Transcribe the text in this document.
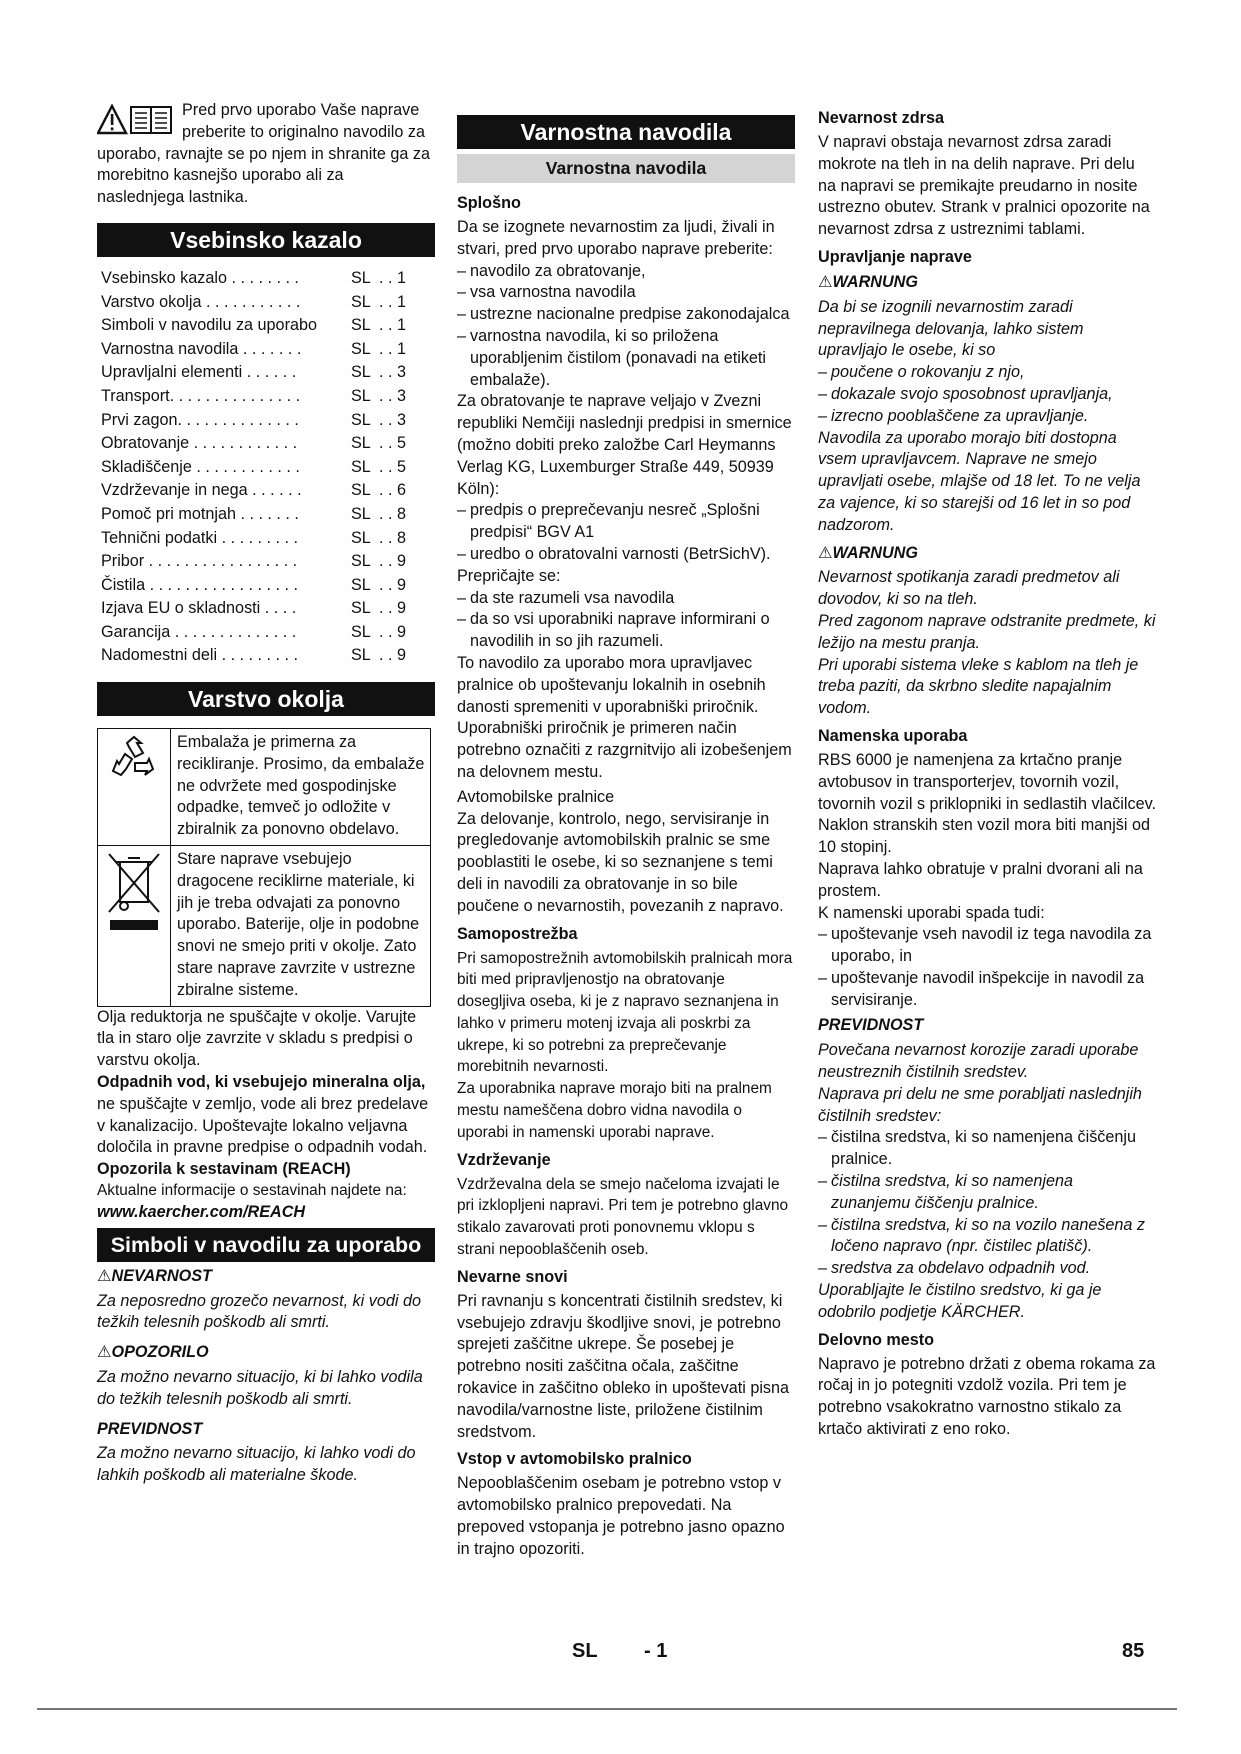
Pred prvo uporabo Vaše naprave preberite to originalno navodilo za uporabo, ravnajte se po njem in shranite ga za morebitno kasnejšo uporabo ali za naslednjega lastnika.

Vsebinsko kazalo
Vsebinsko kazalo . . . . . . . .	SL . . 1
Varstvo okolja . . . . . . . . . . .	SL . . 1
Simboli v navodilu za uporabo	SL . . 1
Varnostna navodila . . . . . . .	SL . . 1
Upravljalni elementi . . . . . .	SL . . 3
Transport. . . . . . . . . . . . . . .	SL . . 3
Prvi zagon. . . . . . . . . . . . . .	SL . . 3
Obratovanje . . . . . . . . . . . .	SL . . 5
Skladiščenje . . . . . . . . . . . .	SL . . 5
Vzdrževanje in nega . . . . . .	SL . . 6
Pomoč pri motnjah . . . . . . .	SL . . 8
Tehnični podatki . . . . . . . . .	SL . . 8
Pribor . . . . . . . . . . . . . . . . .	SL . . 9
Čistila . . . . . . . . . . . . . . . . .	SL . . 9
Izjava EU o skladnosti . . . .	SL . . 9
Garancija . . . . . . . . . . . . . .	SL . . 9
Nadomestni deli . . . . . . . . .	SL . . 9
Varstvo okolja

Embalaža je primerna za recikliranje. Prosimo, da embalaže ne odvržete med gospodinjske odpadke, temveč jo odložite v zbiralnik za ponovno obdelavo.

Stare naprave vsebujejo dragocene reciklirne materiale, ki jih je treba odvajati za ponovno uporabo. Baterije, olje in podobne snovi ne smejo priti v okolje. Zato stare naprave zavrzite v ustrezne zbiralne sisteme.

Olja reduktorja ne spuščajte v okolje. Varujte tla in staro olje zavrzite v skladu s predpisi o varstvu okolja.

Odpadnih vod, ki vsebujejo mineralna olja, ne spuščajte v zemljo, vode ali brez predelave v kanalizacijo. Upoštevajte lokalno veljavna določila in pravne predpise o odpadnih vodah.

Opozorila k sestavinam (REACH)

Aktualne informacije o sestavinah najdete na:

www.kaercher.com/REACH

Simboli v navodilu za uporabo
⚠NEVARNOST

Za neposredno grozečo nevarnost, ki vodi do težkih telesnih poškodb ali smrti.

⚠OPOZORILO

Za možno nevarno situacijo, ki bi lahko vodila do težkih telesnih poškodb ali smrti.

PREVIDNOST

Za možno nevarno situacijo, ki lahko vodi do lahkih poškodb ali materialne škode.

Varnostna navodila
Varnostna navodila
Splošno

Da se izognete nevarnostim za ljudi, živali in stvari, pred prvo uporabo naprave preberite:

– navodilo za obratovanje,
– vsa varnostna navodila
– ustrezne nacionalne predpise zakonodajalca
– varnostna navodila, ki so priložena uporabljenim čistilom (ponavadi na etiketi embalaže).

Za obratovanje te naprave veljajo v Zvezni republiki Nemčiji naslednji predpisi in smernice (možno dobiti preko založbe Carl Heymanns Verlag KG, Luxemburger Straße 449, 50939 Köln):

– predpis o preprečevanju nesreč „Splošni predpisi“ BGV A1
– uredbo o obratovalni varnosti (BetrSichV).

Prepričajte se:

– da ste razumeli vsa navodila
– da so vsi uporabniki naprave informirani o navodilih in so jih razumeli.

To navodilo za uporabo mora upravljavec pralnice ob upoštevanju lokalnih in osebnih danosti spremeniti v uporabniški priročnik. Uporabniški priročnik je primeren način potrebno označiti z razgrnitvijo ali izobešenjem na delovnem mestu.

Avtomobilske pralnice

Za delovanje, kontrolo, nego, servisiranje in pregledovanje avtomobilskih pralnic se sme pooblastiti le osebe, ki so seznanjene s temi deli in navodili za obratovanje in so bile poučene o nevarnostih, povezanih z napravo.

Samopostrežba

Pri samopostrežnih avtomobilskih pralnicah mora biti med pripravljenostjo na obratovanje dosegljiva oseba, ki je z napravo seznanjena in lahko v primeru motenj izvaja ali poskrbi za ukrepe, ki so potrebni za preprečevanje morebitnih nevarnosti.

Za uporabnika naprave morajo biti na pralnem mestu nameščena dobro vidna navodila o uporabi in namenski uporabi naprave.

Vzdrževanje

Vzdrževalna dela se smejo načeloma izvajati le pri izklopljeni napravi. Pri tem je potrebno glavno stikalo zavarovati proti ponovnemu vklopu s strani nepooblaščenih oseb.

Nevarne snovi

Pri ravnanju s koncentrati čistilnih sredstev, ki vsebujejo zdravju škodljive snovi, je potrebno sprejeti zaščitne ukrepe. Še posebej je potrebno nositi zaščitna očala, zaščitne rokavice in zaščitno obleko in upoštevati pisna navodila/varnostne liste, priložene čistilnim sredstvom.

Vstop v avtomobilsko pralnico

Nepooblaščenim osebam je potrebno vstop v avtomobilsko pralnico prepovedati. Na prepoved vstopanja je potrebno jasno opazno in trajno opozoriti.

Nevarnost zdrsa

V napravi obstaja nevarnost zdrsa zaradi mokrote na tleh in na delih naprave. Pri delu na napravi se premikajte preudarno in nosite ustrezno obutev. Strank v pralnici opozorite na nevarnost zdrsa z ustreznimi tablami.

Upravljanje naprave
⚠WARNUNG

Da bi se izognili nevarnostim zaradi nepravilnega delovanja, lahko sistem upravljajo le osebe, ki so

– poučene o rokovanju z njo,
– dokazale svojo sposobnost upravljanja,
– izrecno pooblaščene za upravljanje.

Navodila za uporabo morajo biti dostopna vsem upravljavcem. Naprave ne smejo upravljati osebe, mlajše od 18 let. To ne velja za vajence, ki so starejši od 16 let in so pod nadzorom.

⚠WARNUNG

Nevarnost spotikanja zaradi predmetov ali dovodov, ki so na tleh.

Pred zagonom naprave odstranite predmete, ki ležijo na mestu pranja.

Pri uporabi sistema vleke s kablom na tleh je treba paziti, da skrbno sledite napajalnim vodom.

Namenska uporaba

RBS 6000 je namenjena za krtačno pranje avtobusov in transporterjev, tovornih vozil, tovornih vozil s priklopniki in sedlastih vlačilcev. Naklon stranskih sten vozil mora biti manjši od 10 stopinj.

Naprava lahko obratuje v pralni dvorani ali na prostem.

K namenski uporabi spada tudi:

– upoštevanje vseh navodil iz tega navodila za uporabo, in
– upoštevanje navodil inšpekcije in navodil za servisiranje.
PREVIDNOST

Povečana nevarnost korozije zaradi uporabe neustreznih čistilnih sredstev.

Naprava pri delu ne sme porabljati naslednjih čistilnih sredstev:

– čistilna sredstva, ki so namenjena čiščenju pralnice.
– čistilna sredstva, ki so namenjena zunanjemu čiščenju pralnice.
– čistilna sredstva, ki so na vozilo nanešena z ločeno napravo (npr. čistilec platišč).
– sredstva za obdelavo odpadnih vod.

Uporabljajte le čistilno sredstvo, ki ga je odobrilo podjetje KÄRCHER.

Delovno mesto

Napravo je potrebno držati z obema rokama za ročaj in jo potegniti vzdolž vozila. Pri tem je potrebno vsakokratno varnostno stikalo za krtačo aktivirati z eno roko.

SL - 1	85
